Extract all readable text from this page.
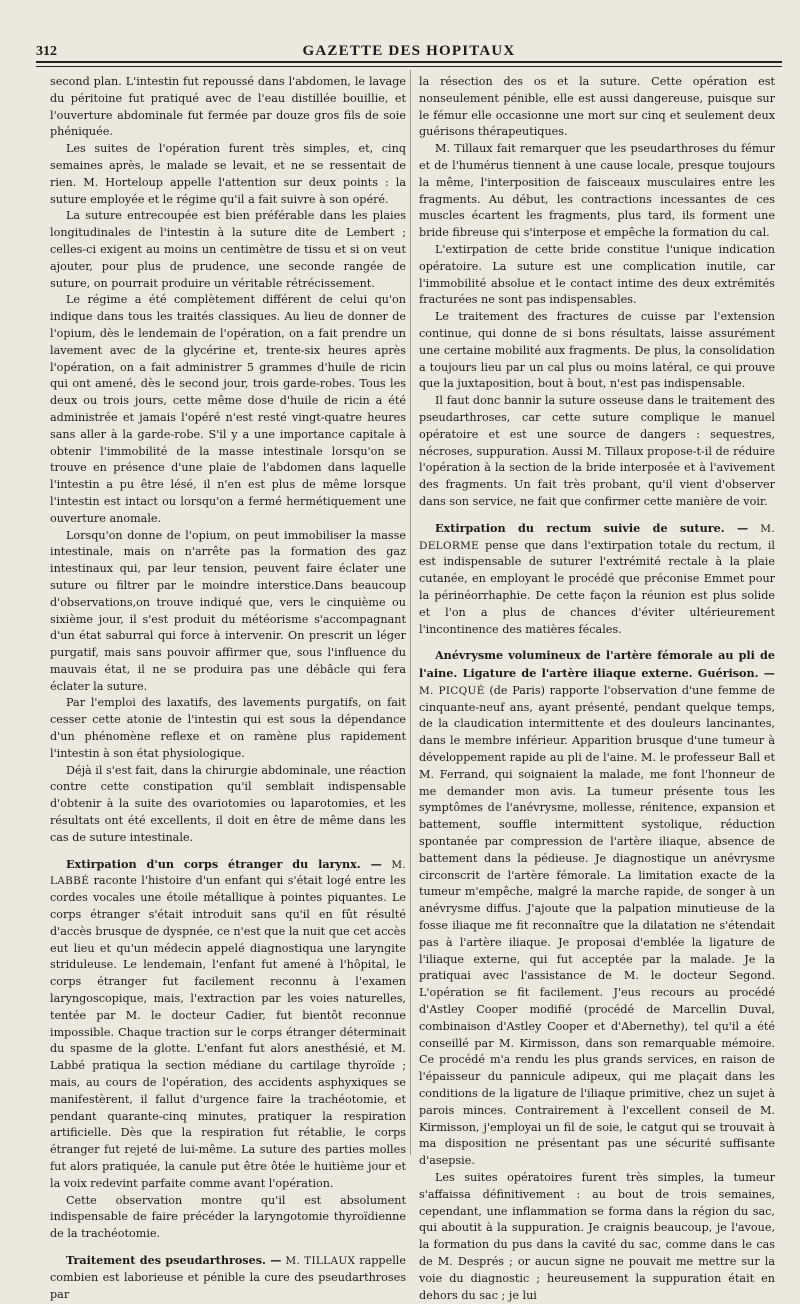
312	GAZETTE DES HOPITAUX

second plan. L'intestin fut repoussé dans l'abdomen, le lavage du péritoine fut pratiqué avec de l'eau distillée bouillie, et l'ouverture abdominale fut fermée par douze gros fils de soie phéniquée.

Les suites de l'opération furent très simples, et, cinq semaines après, le malade se levait, et ne se ressentait de rien. M. Horteloup appelle l'attention sur deux points : la suture employée et le régime qu'il a fait suivre à son opéré.

La suture entrecoupée est bien préférable dans les plaies longitudinales de l'intestin à la suture dite de Lembert ; celles-ci exigent au moins un centimètre de tissu et si on veut ajouter, pour plus de prudence, une seconde rangée de suture, on pourrait produire un véritable rétrécissement.

Le régime a été complètement différent de celui qu'on indique dans tous les traités classiques. Au lieu de donner de l'opium, dès le lendemain de l'opération, on a fait prendre un lavement avec de la glycérine et, trente-six heures après l'opération, on a fait administrer 5 grammes d'huile de ricin qui ont amené, dès le second jour, trois garde-robes. Tous les deux ou trois jours, cette même dose d'huile de ricin a été administrée et jamais l'opéré n'est resté vingt-quatre heures sans aller à la garde-robe. S'il y a une importance capitale à obtenir l'immobilité de la masse intestinale lorsqu'on se trouve en présence d'une plaie de l'abdomen dans laquelle l'intestin a pu être lésé, il n'en est plus de même lorsque l'intestin est intact ou lorsqu'on a fermé hermétiquement une ouverture anomale.

Lorsqu'on donne de l'opium, on peut immobiliser la masse intestinale, mais on n'arrête pas la formation des gaz intestinaux qui, par leur tension, peuvent faire éclater une suture ou filtrer par le moindre interstice.Dans beaucoup d'observations,on trouve indiqué que, vers le cinquième ou sixième jour, il s'est produit du météorisme s'accompagnant d'un état saburral qui force à intervenir. On prescrit un léger purgatif, mais sans pouvoir affirmer que, sous l'influence du mauvais état, il ne se produira pas une débâcle qui fera éclater la suture.

Par l'emploi des laxatifs, des lavements purgatifs, on fait cesser cette atonie de l'intestin qui est sous la dépendance d'un phénomène reflexe et on ramène plus rapidement l'intestin à son état physiologique.

Déjà il s'est fait, dans la chirurgie abdominale, une réaction contre cette constipation qu'il semblait indispensable d'obtenir à la suite des ovariotomies ou laparotomies, et les résultats ont été excellents, il doit en être de même dans les cas de suture intestinale.

Extirpation d'un corps étranger du larynx. — M. LABBÉ raconte l'histoire d'un enfant qui s'était logé entre les cordes vocales une étoile métallique à pointes piquantes. Le corps étranger s'était introduit sans qu'il en fût résulté d'accès brusque de dyspnée, ce n'est que la nuit que cet accès eut lieu et qu'un médecin appelé diagnostiqua une laryngite striduleuse. Le lendemain, l'enfant fut amené à l'hôpital, le corps étranger fut facilement reconnu à l'examen laryngoscopique, mais, l'extraction par les voies naturelles, tentée par M. le docteur Cadier, fut bientôt reconnue impossible. Chaque traction sur le corps étranger déterminait du spasme de la glotte. L'enfant fut alors anesthésié, et M. Labbé pratiqua la section médiane du cartilage thyroïde ; mais, au cours de l'opération, des accidents asphyxiques se manifestèrent, il fallut d'urgence faire la trachéotomie, et pendant quarante-cinq minutes, pratiquer la respiration artificielle. Dès que la respiration fut rétablie, le corps étranger fut rejeté de lui-même. La suture des parties molles fut alors pratiquée, la canule put être ôtée le huitième jour et la voix redevint parfaite comme avant l'opération.

Cette observation montre qu'il est absolument indispensable de faire précéder la laryngotomie thyroïdienne de la trachéotomie.

Traitement des pseudarthroses. — M. TILLAUX rappelle combien est laborieuse et pénible la cure des pseudarthroses par

la résection des os et la suture. Cette opération est nonseulement pénible, elle est aussi dangereuse, puisque sur le fémur elle occasionne une mort sur cinq et seulement deux guérisons thérapeutiques.

M. Tillaux fait remarquer que les pseudarthroses du fémur et de l'humérus tiennent à une cause locale, presque toujours la même, l'interposition de faisceaux musculaires entre les fragments. Au début, les contractions incessantes de ces muscles écartent les fragments, plus tard, ils forment une bride fibreuse qui s'interpose et empêche la formation du cal.

L'extirpation de cette bride constitue l'unique indication opératoire. La suture est une complication inutile, car l'immobilité absolue et le contact intime des deux extrémités fracturées ne sont pas indispensables.

Le traitement des fractures de cuisse par l'extension continue, qui donne de si bons résultats, laisse assurément une certaine mobilité aux fragments. De plus, la consolidation a toujours lieu par un cal plus ou moins latéral, ce qui prouve que la juxtaposition, bout à bout, n'est pas indispensable.

Il faut donc bannir la suture osseuse dans le traitement des pseudarthroses, car cette suture complique le manuel opératoire et est une source de dangers : sequestres, nécroses, suppuration. Aussi M. Tillaux propose-t-il de réduire l'opération à la section de la bride interposée et à l'avivement des fragments. Un fait très probant, qu'il vient d'observer dans son service, ne fait que confirmer cette manière de voir.

Extirpation du rectum suivie de suture. — M. DELORME pense que dans l'extirpation totale du rectum, il est indispensable de suturer l'extrémité rectale à la plaie cutanée, en employant le procédé que préconise Emmet pour la périnéorrhaphie. De cette façon la réunion est plus solide et l'on a plus de chances d'éviter ultérieurement l'incontinence des matières fécales.

Anévrysme volumineux de l'artère fémorale au pli de l'aine. Ligature de l'artère iliaque externe. Guérison. — M. PICQUÉ (de Paris) rapporte l'observation d'une femme de cinquante-neuf ans, ayant présenté, pendant quelque temps, de la claudication intermittente et des douleurs lancinantes, dans le membre inférieur. Apparition brusque d'une tumeur à développement rapide au pli de l'aine. M. le professeur Ball et M. Ferrand, qui soignaient la malade, me font l'honneur de me demander mon avis. La tumeur présente tous les symptômes de l'anévrysme, mollesse, rénitence, expansion et battement, souffle intermittent systolique, réduction spontanée par compression de l'artère iliaque, absence de battement dans la pédieuse. Je diagnostique un anévrysme circonscrit de l'artère fémorale. La limitation exacte de la tumeur m'empêche, malgré la marche rapide, de songer à un anévrysme diffus. J'ajoute que la palpation minutieuse de la fosse iliaque me fit reconnaître que la dilatation ne s'étendait pas à l'artère iliaque. Je proposai d'emblée la ligature de l'iliaque externe, qui fut acceptée par la malade. Je la pratiquai avec l'assistance de M. le docteur Segond. L'opération se fit facilement. J'eus recours au procédé d'Astley Cooper modifié (procédé de Marcellin Duval, combinaison d'Astley Cooper et d'Abernethy), tel qu'il a été conseillé par M. Kirmisson, dans son remarquable mémoire. Ce procédé m'a rendu les plus grands services, en raison de l'épaisseur du pannicule adipeux, qui me plaçait dans les conditions de la ligature de l'iliaque primitive, chez un sujet à parois minces. Contrairement à l'excellent conseil de M. Kirmisson, j'employai un fil de soie, le catgut qui se trouvait à ma disposition ne présentant pas une sécurité suffisante d'asepsie.

Les suites opératoires furent très simples, la tumeur s'affaissa définitivement : au bout de trois semaines, cependant, une inflammation se forma dans la région du sac, qui aboutit à la suppuration. Je craignis beaucoup, je l'avoue, la formation du pus dans la cavité du sac, comme dans le cas de M. Després ; or aucun signe ne pouvait me mettre sur la voie du diagnostic ; heureusement la suppuration était en dehors du sac ; je lui
